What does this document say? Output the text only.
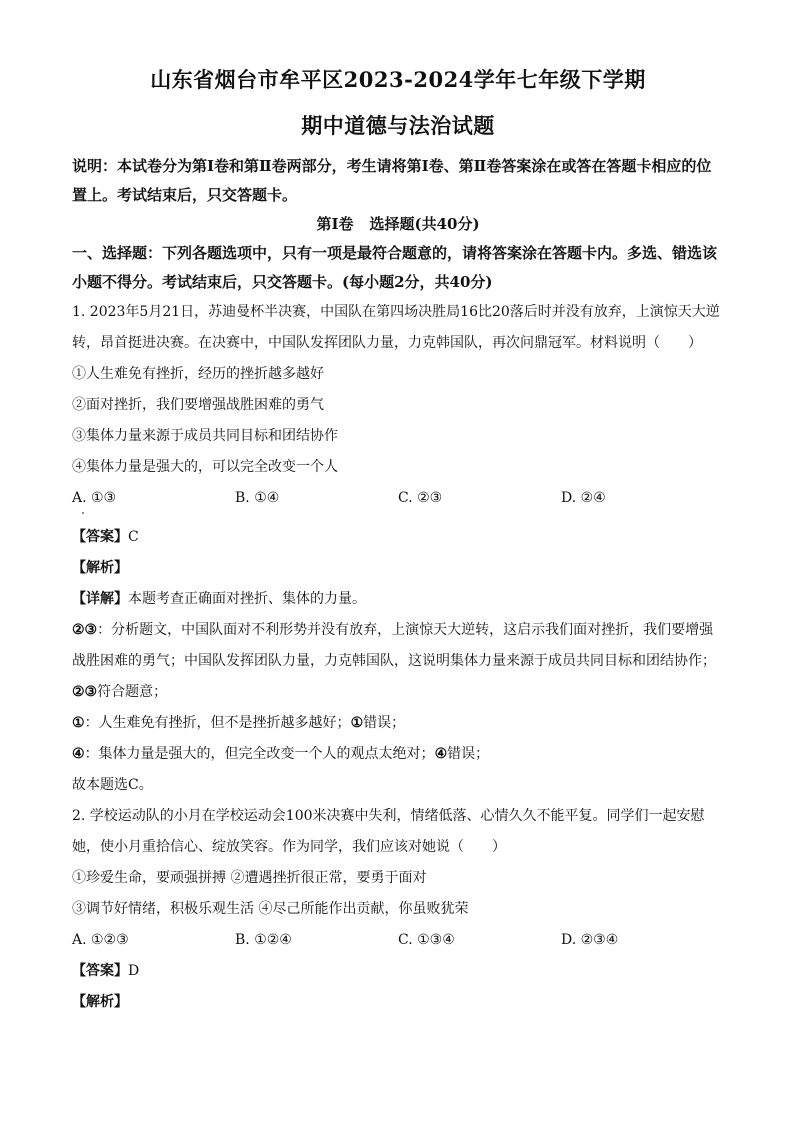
山东省烟台市牟平区2023-2024学年七年级下学期
期中道德与法治试题
说明：本试卷分为第Ⅰ卷和第Ⅱ卷两部分，考生请将第Ⅰ卷、第Ⅱ卷答案涂在或答在答题卡相应的位置上。考试结束后，只交答题卡。
第Ⅰ卷 选择题(共40分)
一、选择题：下列各题选项中，只有一项是最符合题意的，请将答案涂在答题卡内。多选、错选该小题不得分。考试结束后，只交答题卡。(每小题2分，共40分)
1. 2023年5月21日，苏迪曼杯半决赛，中国队在第四场决胜局16比20落后时并没有放弃，上演惊天大逆转，昂首挺进决赛。在决赛中，中国队发挥团队力量，力克韩国队，再次问鼎冠军。材料说明（　　）
①人生难免有挫折，经历的挫折越多越好
②面对挫折，我们要增强战胜困难的勇气
③集体力量来源于成员共同目标和团结协作
④集体力量是强大的，可以完全改变一个人
A. ①③	B. ①④	C. ②③	D. ②④
【答案】C
【解析】
【详解】本题考查正确面对挫折、集体的力量。
②③：分析题文，中国队面对不利形势并没有放弃，上演惊天大逆转，这启示我们面对挫折，我们要增强战胜困难的勇气；中国队发挥团队力量，力克韩国队，这说明集体力量来源于成员共同目标和团结协作；②③符合题意；
①：人生难免有挫折，但不是挫折越多越好；①错误；
④：集体力量是强大的，但完全改变一个人的观点太绝对；④错误；
故本题选C。
2. 学校运动队的小月在学校运动会100米决赛中失利，情绪低落、心情久久不能平复。同学们一起安慰她，使小月重拾信心、绽放笑容。作为同学，我们应该对她说（　　）
①珍爱生命，要顽强拼搏 ②遭遇挫折很正常，要勇于面对
③调节好情绪，积极乐观生活 ④尽己所能作出贡献，你虽败犹荣
A. ①②③	B. ①②④	C. ①③④	D. ②③④
【答案】D
【解析】
